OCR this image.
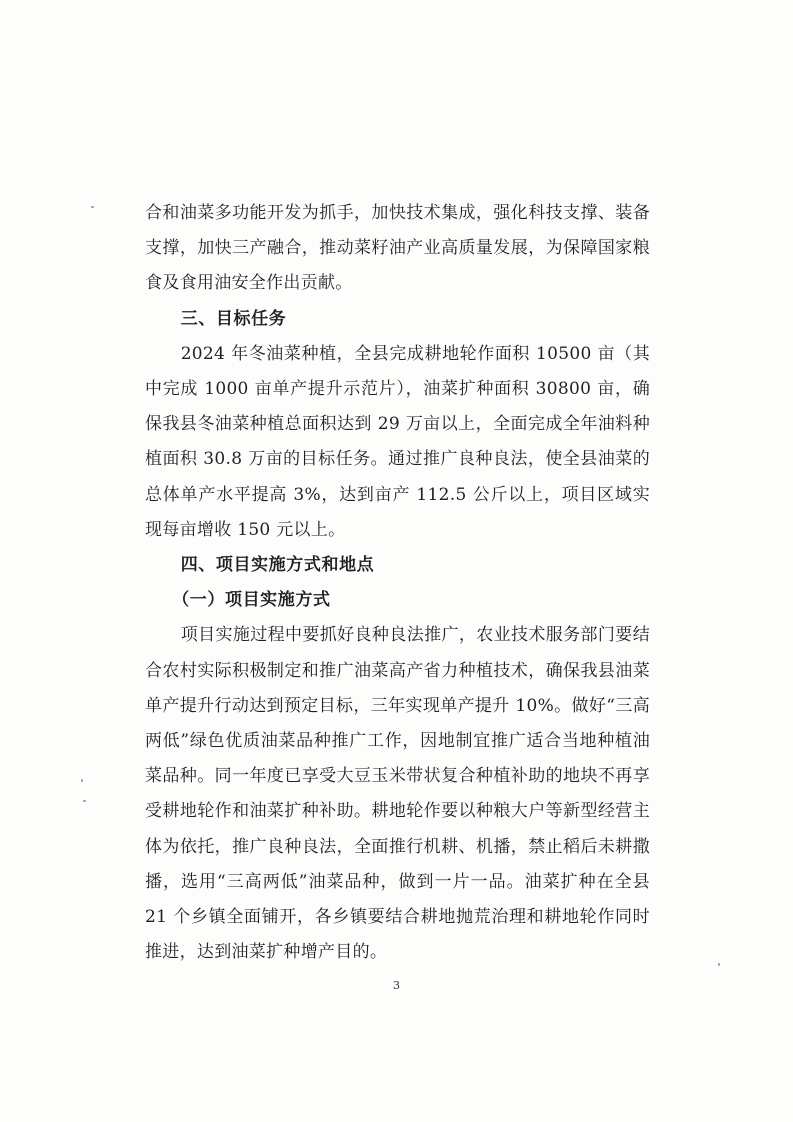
合和油菜多功能开发为抓手，加快技术集成，强化科技支撑、装备支撑，加快三产融合，推动菜籽油产业高质量发展，为保障国家粮食及食用油安全作出贡献。

三、目标任务

2024 年冬油菜种植，全县完成耕地轮作面积 10500 亩（其中完成 1000 亩单产提升示范片），油菜扩种面积 30800 亩，确保我县冬油菜种植总面积达到 29 万亩以上，全面完成全年油料种植面积 30.8 万亩的目标任务。通过推广良种良法，使全县油菜的总体单产水平提高 3%，达到亩产 112.5 公斤以上，项目区域实现每亩增收 150 元以上。

四、项目实施方式和地点

（一）项目实施方式

项目实施过程中要抓好良种良法推广，农业技术服务部门要结合农村实际积极制定和推广油菜高产省力种植技术，确保我县油菜单产提升行动达到预定目标，三年实现单产提升 10%。做好“三高两低”绿色优质油菜品种推广工作，因地制宜推广适合当地种植油菜品种。同一年度已享受大豆玉米带状复合种植补助的地块不再享受耕地轮作和油菜扩种补助。耕地轮作要以种粮大户等新型经营主体为依托，推广良种良法，全面推行机耕、机播，禁止稻后未耕撒播，选用“三高两低”油菜品种，做到一片一品。油菜扩种在全县 21 个乡镇全面铺开，各乡镇要结合耕地抛荒治理和耕地轮作同时推进，达到油菜扩种增产目的。

3
